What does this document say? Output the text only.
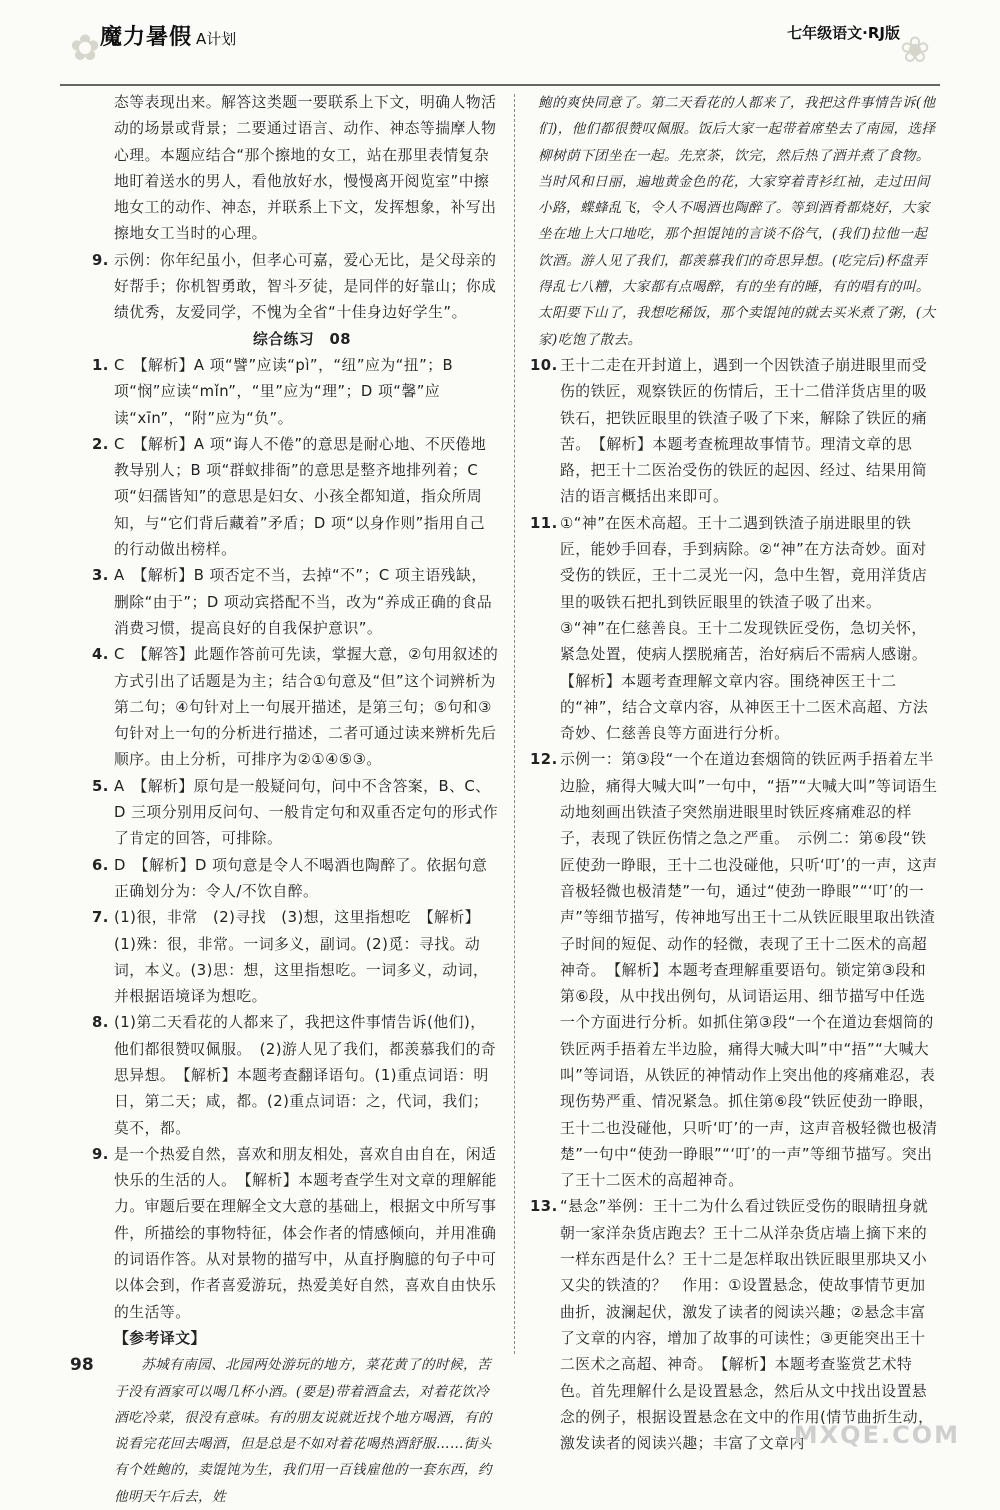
✿	❀
魔力暑假 A计划	七年级语文·RJ版

态等表现出来。解答这类题一要联系上下文，明确人物活动的场景或背景；二要通过语言、动作、神态等揣摩人物心理。本题应结合“那个擦地的女工，站在那里表情复杂地盯着送水的男人，看他放好水，慢慢离开阅览室”中擦地女工的动作、神态，并联系上下文，发挥想象，补写出擦地女工当时的心理。

9. 示例：你年纪虽小，但孝心可嘉，爱心无比，是父母亲的好帮手；你机智勇敢，智斗歹徒，是同伴的好靠山；你成绩优秀，友爱同学，不愧为全省“十佳身边好学生”。

综合练习　08

1. C　【解析】A 项“譬”应读“pì”，“纽”应为“扭”；B 项“悯”应读“mǐn”，“里”应为“理”；D 项“馨”应读“xīn”，“附”应为“负”。
2. C　【解析】A 项“诲人不倦”的意思是耐心地、不厌倦地教导别人；B 项“群蚁排衙”的意思是整齐地排列着；C 项“妇孺皆知”的意思是妇女、小孩全都知道，指众所周知，与“它们背后藏着”矛盾；D 项“以身作则”指用自己的行动做出榜样。
3. A　【解析】B 项否定不当，去掉“不”；C 项主语残缺，删除“由于”；D 项动宾搭配不当，改为“养成正确的食品消费习惯，提高良好的自我保护意识”。
4. C　【解答】此题作答前可先读，掌握大意，②句用叙述的方式引出了话题是为主；结合①句意及“但”这个词辨析为第二句；④句针对上一句展开描述，是第三句；⑤句和③句针对上一句的分析进行描述，二者可通过读来辨析先后顺序。由上分析，可排序为②①④⑤③。
5. A　【解析】原句是一般疑问句，问中不含答案，B、C、D 三项分别用反问句、一般肯定句和双重否定句的形式作了肯定的回答，可排除。
6. D　【解析】D 项句意是令人不喝酒也陶醉了。依据句意正确划分为：令人/不饮自醉。
7. (1)很，非常　(2)寻找　(3)想，这里指想吃　【解析】(1)殊：很，非常。一词多义，副词。(2)觅：寻找。动词，本义。(3)思：想，这里指想吃。一词多义，动词，并根据语境译为想吃。
8. (1)第二天看花的人都来了，我把这件事情告诉(他们)，他们都很赞叹佩服。　(2)游人见了我们，都羡慕我们的奇思异想。　【解析】本题考查翻译语句。(1)重点词语：明日，第二天；咸，都。(2)重点词语：之，代词，我们；莫不，都。
9. 是一个热爱自然，喜欢和朋友相处，喜欢自由自在，闲适快乐的生活的人。　【解析】本题考查学生对文章的理解能力。审题后要在理解全文大意的基础上，根据文中所写事件，所描绘的事物特征，体会作者的情感倾向，并用准确的词语作答。从对景物的描写中，从直抒胸臆的句子中可以体会到，作者喜爱游玩，热爱美好自然，喜欢自由快乐的生活等。

【参考译文】

苏城有南园、北园两处游玩的地方，菜花黄了的时候，苦于没有酒家可以喝几杯小酒。(要是)带着酒盒去，对着花饮冷酒吃冷菜，很没有意味。有的朋友说就近找个地方喝酒，有的说看完花回去喝酒，但是总是不如对着花喝热酒舒服……街头有个姓鲍的，卖馄饨为生，我们用一百钱雇他的一套东西，约他明天午后去，姓

鲍的爽快同意了。第二天看花的人都来了，我把这件事情告诉(他们)，他们都很赞叹佩服。饭后大家一起带着席垫去了南园，选择柳树荫下团坐在一起。先烹茶，饮完，然后热了酒并煮了食物。当时风和日丽，遍地黄金色的花，大家穿着青衫红袖，走过田间小路，蝶蜂乱飞，令人不喝酒也陶醉了。等到酒肴都烧好，大家坐在地上大口地吃，那个担馄饨的言谈不俗气，(我们)拉他一起饮酒。游人见了我们，都羡慕我们的奇思异想。(吃完后)杯盘弄得乱七八糟，大家都有点喝醉，有的坐有的睡，有的唱有的叫。太阳要下山了，我想吃稀饭，那个卖馄饨的就去买米煮了粥，(大家)吃饱了散去。

10. 王十二走在开封道上，遇到一个因铁渣子崩进眼里而受伤的铁匠，观察铁匠的伤情后，王十二借洋货店里的吸铁石，把铁匠眼里的铁渣子吸了下来，解除了铁匠的痛苦。　【解析】本题考查梳理故事情节。理清文章的思路，把王十二医治受伤的铁匠的起因、经过、结果用简洁的语言概括出来即可。
11. ①“神”在医术高超。王十二遇到铁渣子崩进眼里的铁匠，能妙手回春，手到病除。②“神”在方法奇妙。面对受伤的铁匠，王十二灵光一闪，急中生智，竟用洋货店里的吸铁石把扎到铁匠眼里的铁渣子吸了出来。③“神”在仁慈善良。王十二发现铁匠受伤，急切关怀，紧急处置，使病人摆脱痛苦，治好病后不需病人感谢。　【解析】本题考查理解文章内容。围绕神医王十二的“神”，结合文章内容，从神医王十二医术高超、方法奇妙、仁慈善良等方面进行分析。
12. 示例一：第③段“一个在道边套烟筒的铁匠两手捂着左半边脸，痛得大喊大叫”一句中，“捂”“大喊大叫”等词语生动地刻画出铁渣子突然崩进眼里时铁匠疼痛难忍的样子，表现了铁匠伤情之急之严重。　示例二：第⑥段“铁匠使劲一睁眼，王十二也没碰他，只听‘叮’的一声，这声音极轻微也极清楚”一句，通过“使劲一睁眼”“‘叮’的一声”等细节描写，传神地写出王十二从铁匠眼里取出铁渣子时间的短促、动作的轻微，表现了王十二医术的高超神奇。　【解析】本题考查理解重要语句。锁定第③段和第⑥段，从中找出例句，从词语运用、细节描写中任选一个方面进行分析。如抓住第③段“一个在道边套烟筒的铁匠两手捂着左半边脸，痛得大喊大叫”中“捂”“大喊大叫”等词语，从铁匠的神情动作上突出他的疼痛难忍，表现伤势严重、情况紧急。抓住第⑥段“铁匠使劲一睁眼，王十二也没碰他，只听‘叮’的一声，这声音极轻微也极清楚”一句中“使劲一睁眼”“‘叮’的一声”等细节描写。突出了王十二医术的高超神奇。
13. “悬念”举例：王十二为什么看过铁匠受伤的眼睛扭身就朝一家洋杂货店跑去？王十二从洋杂货店墙上摘下来的一样东西是什么？王十二是怎样取出铁匠眼里那块又小又尖的铁渣的？　作用：①设置悬念，使故事情节更加曲折，波澜起伏，激发了读者的阅读兴趣；②悬念丰富了文章的内容，增加了故事的可读性；③更能突出王十二医术之高超、神奇。　【解析】本题考查鉴赏艺术特色。首先理解什么是设置悬念，然后从文中找出设置悬念的例子，根据设置悬念在文中的作用(情节曲折生动，激发读者的阅读兴趣；丰富了文章内
98
MXQE.COM
